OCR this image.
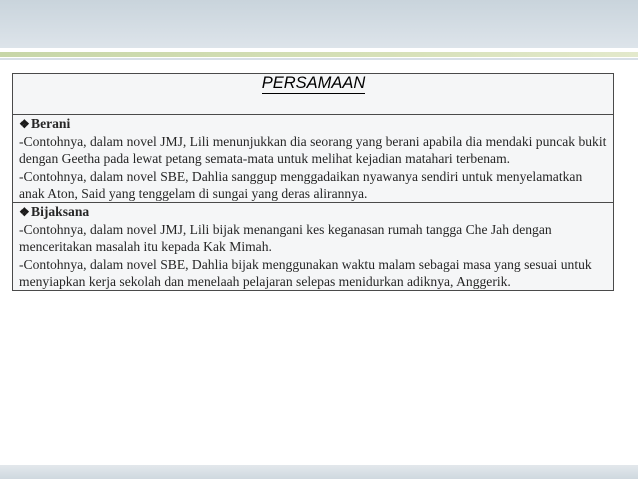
PERSAMAAN

❖Berani
-Contohnya, dalam novel JMJ, Lili menunjukkan dia seorang yang berani apabila dia mendaki puncak bukit dengan Geetha pada lewat petang semata-mata untuk melihat kejadian matahari terbenam.
-Contohnya, dalam novel SBE, Dahlia sanggup menggadaikan nyawanya sendiri untuk menyelamatkan anak Aton, Said yang tenggelam di sungai yang deras alirannya.

❖Bijaksana
-Contohnya, dalam novel JMJ, Lili bijak menangani kes keganasan rumah tangga Che Jah dengan menceritakan masalah itu kepada Kak Mimah.
-Contohnya, dalam novel SBE, Dahlia bijak menggunakan waktu malam sebagai masa yang sesuai untuk menyiapkan kerja sekolah dan menelaah pelajaran selepas menidurkan adiknya, Anggerik.
